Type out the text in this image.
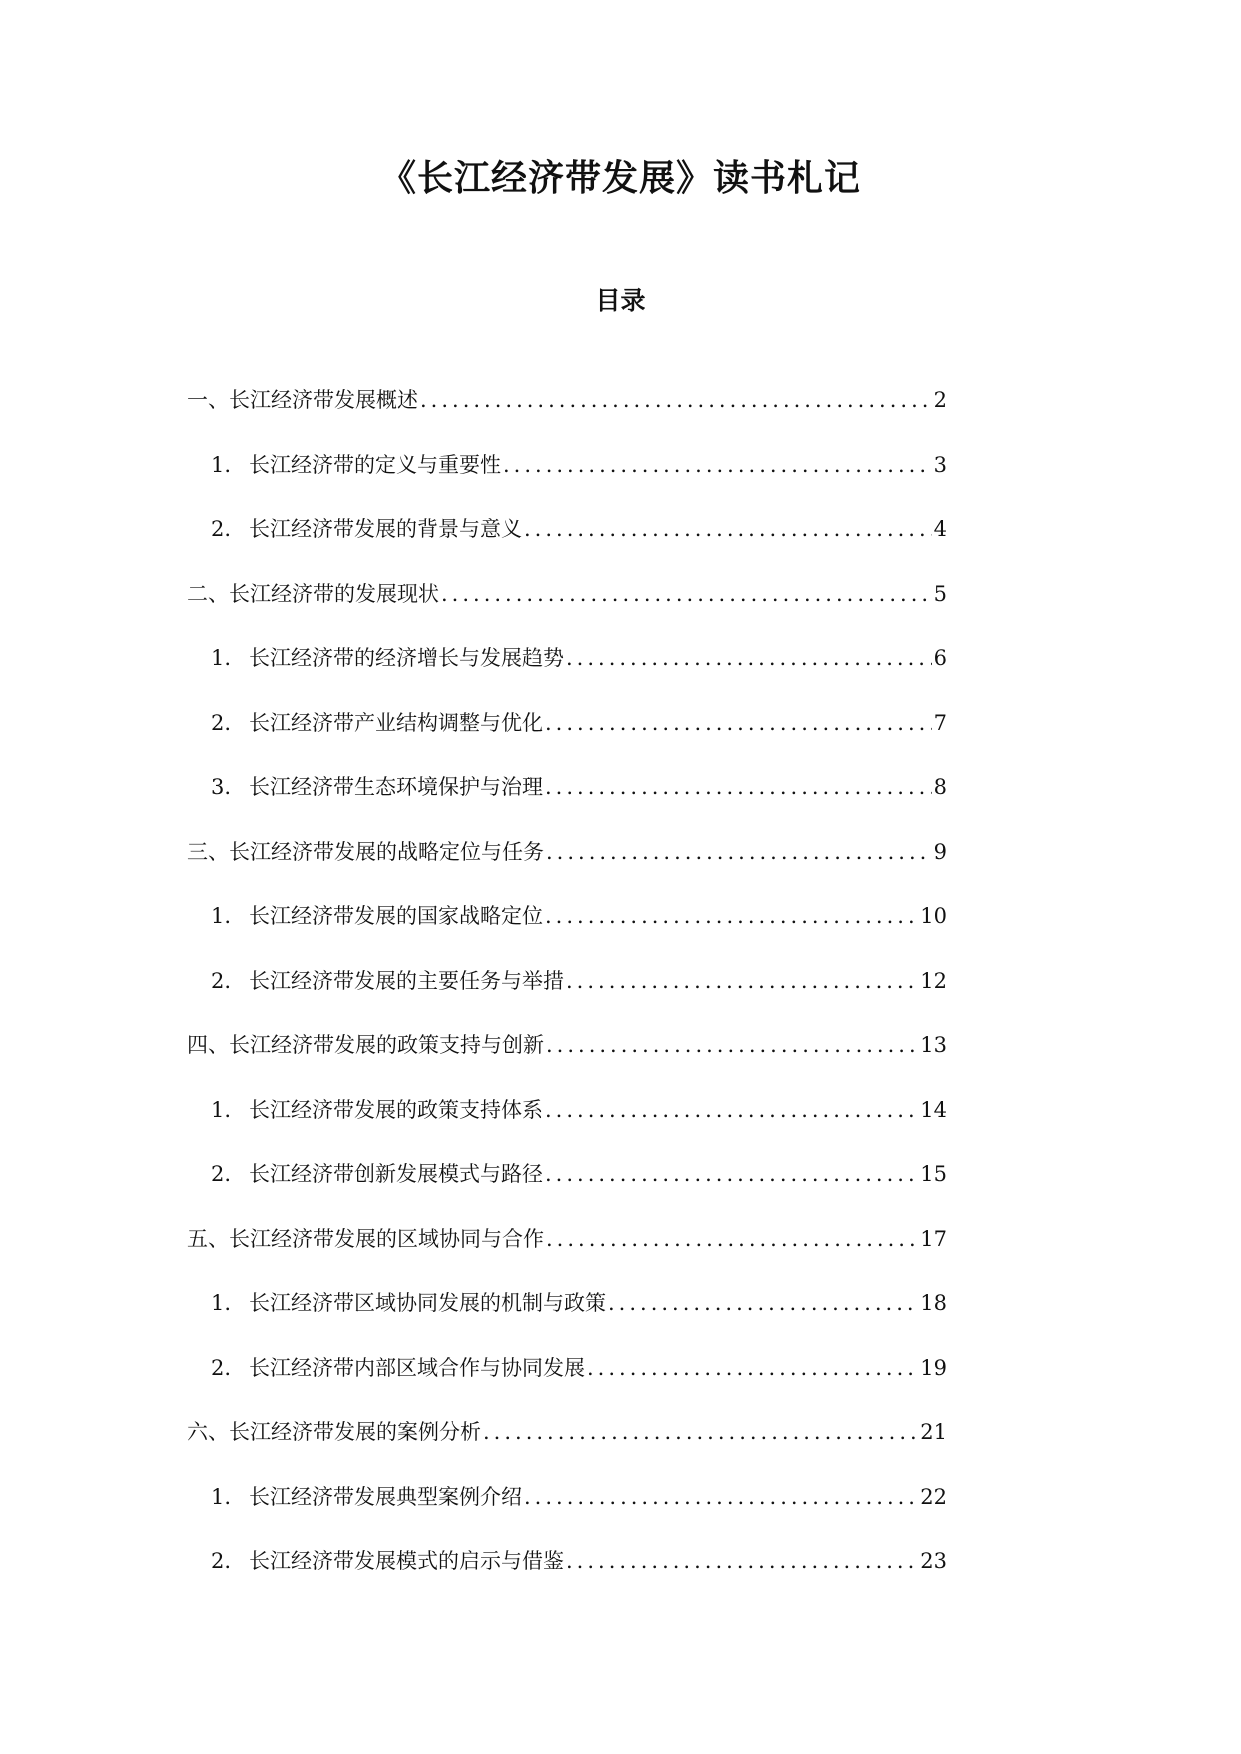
《长江经济带发展》读书札记
目录
一、长江经济带发展概述 .....	2
1. 长江经济带的定义与重要性 .....	3
2. 长江经济带发展的背景与意义 .....	4
二、长江经济带的发展现状 .....	5
1. 长江经济带的经济增长与发展趋势 .....	6
2. 长江经济带产业结构调整与优化 .....	7
3. 长江经济带生态环境保护与治理 .....	8
三、长江经济带发展的战略定位与任务 .....	9
1. 长江经济带发展的国家战略定位 .....	10
2. 长江经济带发展的主要任务与举措 .....	12
四、长江经济带发展的政策支持与创新 .....	13
1. 长江经济带发展的政策支持体系 .....	14
2. 长江经济带创新发展模式与路径 .....	15
五、长江经济带发展的区域协同与合作 .....	17
1. 长江经济带区域协同发展的机制与政策 .....	18
2. 长江经济带内部区域合作与协同发展 .....	19
六、长江经济带发展的案例分析 .....	21
1. 长江经济带发展典型案例介绍 .....	22
2. 长江经济带发展模式的启示与借鉴 .....	23
